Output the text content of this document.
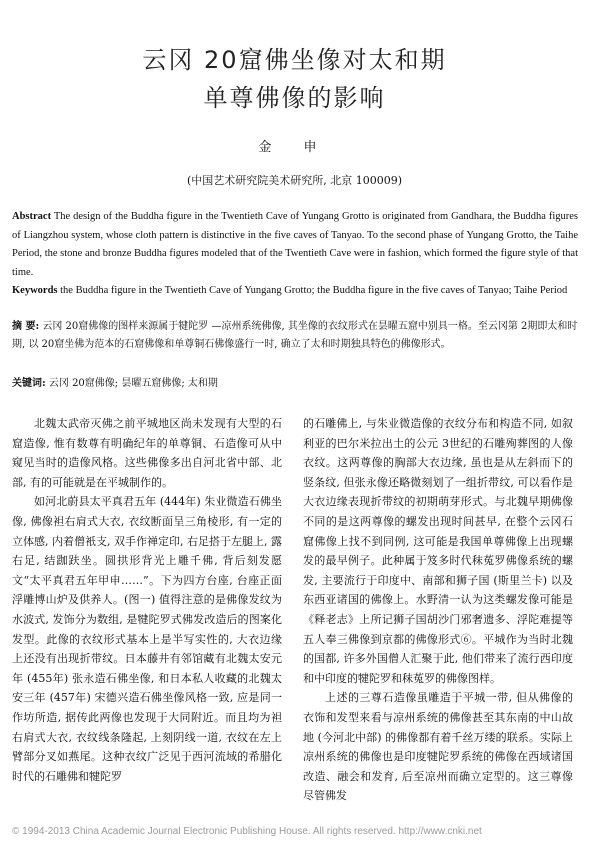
云冈 20窟佛坐像对太和期
单尊佛像的影响
金 申
(中国艺术研究院美术研究所, 北京 100009)
Abstract The design of the Buddha figure in the Twentieth Cave of Yungang Grotto is originated from Gandhara, the Buddha figures of Liangzhou system, whose cloth pattern is distinctive in the five caves of Tanyao. To the second phase of Yungang Grotto, the Taihe Period, the stone and bronze Buddha figures modeled that of the Twentieth Cave were in fashion, which formed the figure style of that time.
Keywords the Buddha figure in the Twentieth Cave of Yungang Grotto; the Buddha figure in the five caves of Tanyao; Taihe Period
摘 要: 云冈 20窟佛像的图样来源属于犍陀罗 —凉州系统佛像, 其坐像的衣纹形式在昙曜五窟中别具一格。至云冈第 2期即太和时期, 以 20窟坐佛为范本的石窟佛像和单尊铜石佛像盛行一时, 确立了太和时期独具特色的佛像形式。
关键词: 云冈 20窟佛像; 昙曜五窟佛像; 太和期

北魏太武帝灭佛之前平城地区尚未发现有大型的石窟造像, 惟有数尊有明确纪年的单尊铜、石造像可从中窥见当时的造像风格。这些佛像多出自河北省中部、北部, 有的可能就是在平城制作的。

如河北蔚县太平真君五年 (444年) 朱业微造石佛坐像, 佛像袒右肩式大衣, 衣纹断面呈三角棱形, 有一定的立体感, 内着僧衹支, 双手作禅定印, 右足搭于左腿上, 露右足, 结跏趺坐。圆拱形背光上雕千佛, 背后刻发愿文“太平真君五年甲申……”。下为四方台座, 台座正面浮雕博山炉及供养人。(图一) 值得注意的是佛像发纹为水波式, 发饰分为数组, 是犍陀罗式佛发改造后的图案化发型。此像的衣纹形式基本上是半写实性的, 大衣边缘上还没有出现折带纹。日本藤井有邻馆藏有北魏太安元年 (455年) 张永造石佛坐像, 和日本私人收藏的北魏太安三年 (457年) 宋德兴造石佛坐像风格一致, 应是同一作坊所造, 据传此两像也发现于大同附近。而且均为袒右肩式大衣, 衣纹线条隆起, 上刻阴线一道, 衣纹在左上臂部分叉如燕尾。这种衣纹广泛见于西河流域的希腊化时代的石雕佛和犍陀罗

的石雕佛上, 与朱业微造像的衣纹分布和构造不同, 如叙利亚的巴尔米拉出土的公元 3世纪的石雕殉葬图的人像衣纹。这两尊像的胸部大衣边缘, 虽也是从左斜而下的竖条纹, 但张永像还略微刻划了一组折带纹, 可以看作是大衣边缘表现折带纹的初期萌芽形式。与北魏早期佛像不同的是这两尊像的螺发出现时间甚早, 在整个云冈石窟佛像上找不到同例, 这可能是我国单尊佛像上出现螺发的最早例子。此种属于笈多时代秣菟罗佛像系统的螺发, 主要流行于印度中、南部和狮子国 (斯里兰卡) 以及东西亚诸国的佛像上。水野清一认为这类螺发像可能是《释老志》上所记狮子国胡沙门邪奢遗多、浮陀难提等五人奉三佛像到京都的佛像形式⑥。平城作为当时北魏的国都, 许多外国僧人汇聚于此, 他们带来了流行西印度和中印度的犍陀罗和秣菟罗的佛像图样。

上述的三尊石造像虽雕造于平城一带, 但从佛像的衣饰和发型来看与凉州系统的佛像甚至其东南的中山故地 (今河北中部) 的佛像都有着千丝万缕的联系。实际上凉州系统的佛像也是印度犍陀罗系统的佛像在西域诸国改造、融会和发育, 后至凉州而确立定型的。这三尊像尽管佛发

© 1994-2013 China Academic Journal Electronic Publishing House. All rights reserved. http://www.cnki.net
